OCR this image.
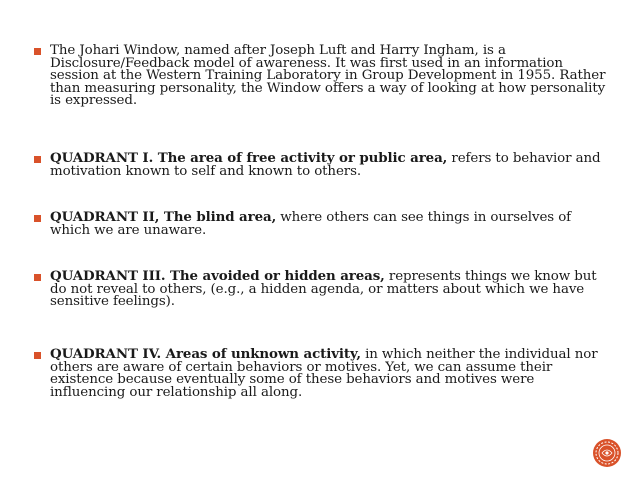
The Johari Window, named after Joseph Luft and Harry Ingham, is a Disclosure/Feedback model of awareness. It was first used in an information session at the Western Training Laboratory in Group Development in 1955. Rather than measuring personality, the Window offers a way of looking at how personality is expressed.
QUADRANT I. The area of free activity or public area, refers to behavior and motivation known to self and known to others.
QUADRANT II, The blind area, where others can see things in ourselves of which we are unaware.
QUADRANT III. The avoided or hidden areas, represents things we know but do not reveal to others, (e.g., a hidden agenda, or matters about which we have sensitive feelings).
QUADRANT IV. Areas of unknown activity, in which neither the individual nor others are aware of certain behaviors or motives. Yet, we can assume their existence because eventually some of these behaviors and motives were influencing our relationship all along.
